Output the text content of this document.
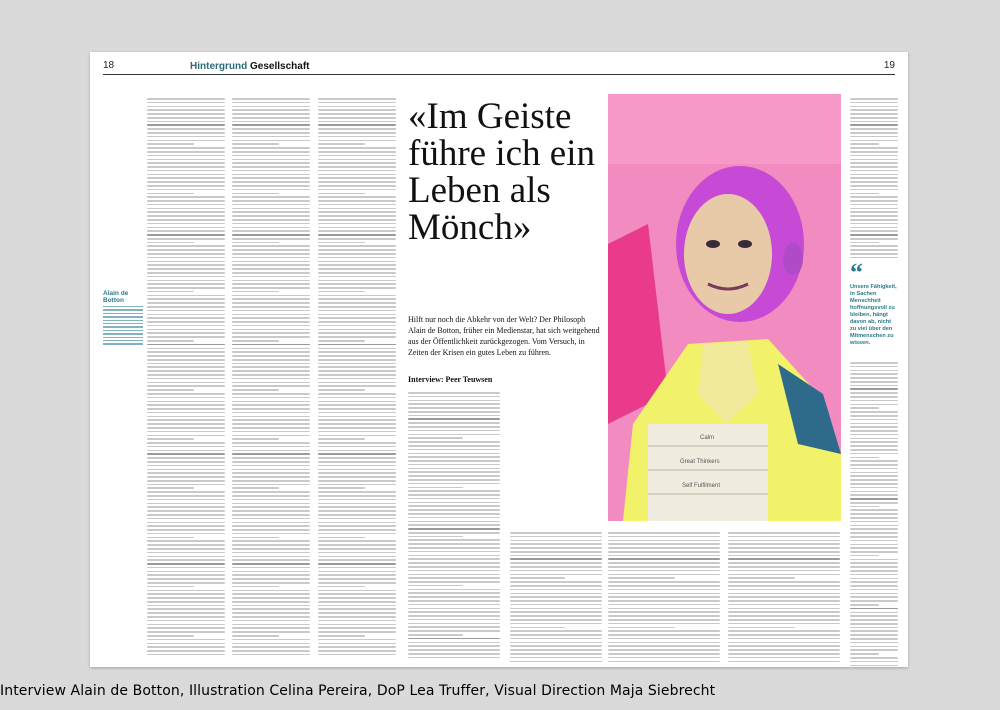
18	19
Hintergrund Gesellschaft
Alain de Botton
«Im Geiste führe ich ein Leben als Mönch»
Hilft nur noch die Abkehr von der Welt? Der Philosoph Alain de Botton, früher ein Medienstar, hat sich weitgehend aus der Öffentlichkeit zurückgezogen. Vom Versuch, in Zeiten der Krisen ein gutes Leben zu führen.
Interview: Peer Teuwsen
Calm
Great Thinkers
Self Fulfilment
“
Unsere Fähigkeit, in Sachen Menschheit hoffnungsvoll zu bleiben, hängt davon ab, nicht zu viel über den Mitmenschen zu wissen.
Interview Alain de Botton, Illustration Celina Pereira, DoP Lea Truffer, Visual Direction Maja Siebrecht
